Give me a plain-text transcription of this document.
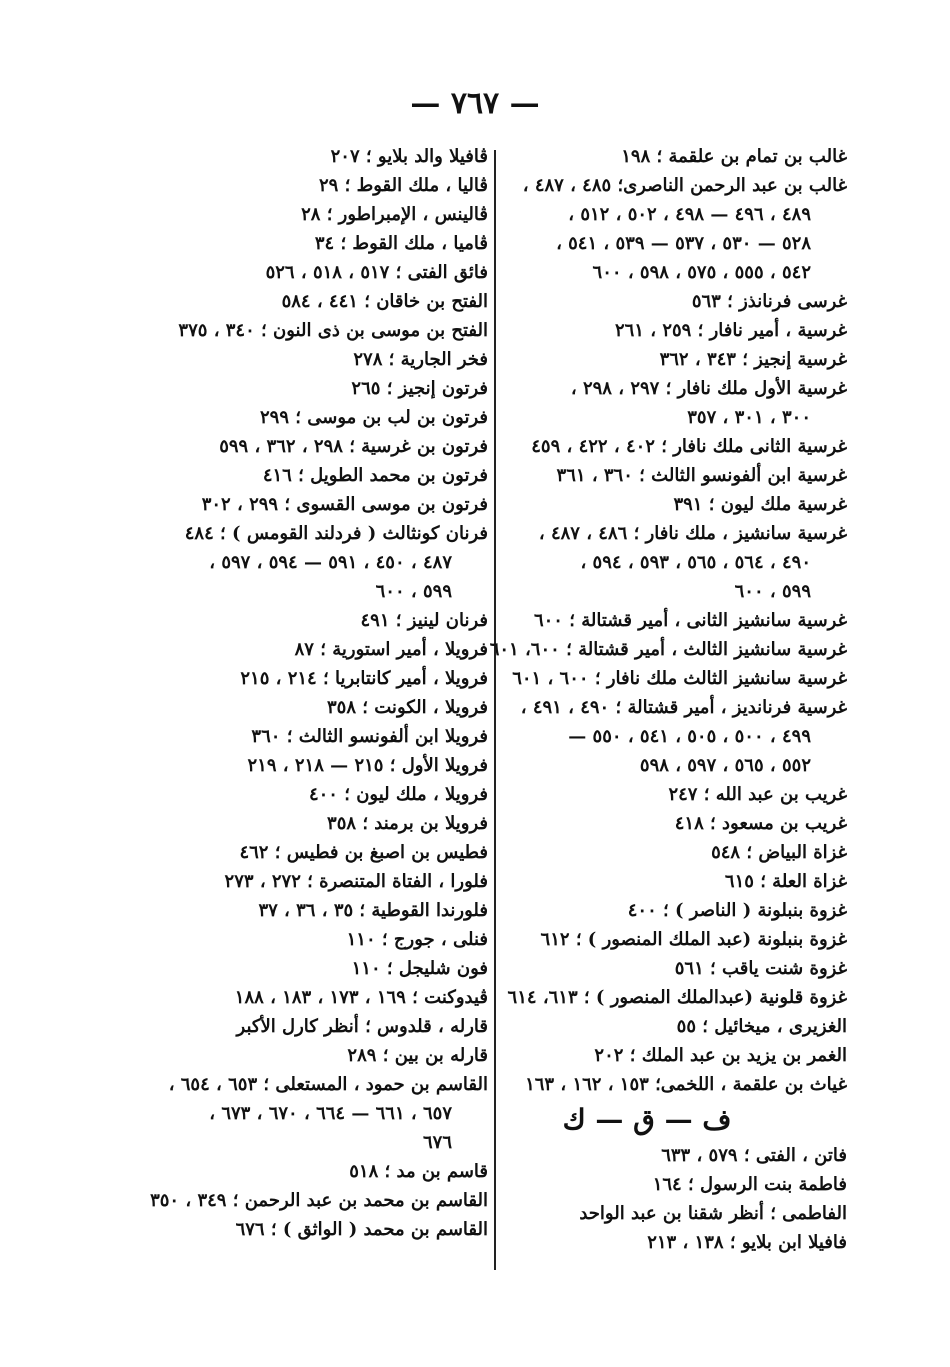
— ٧٦٧ —
غالب بن تمام بن علقمة ؛ ١٩٨
غالب بن عبد الرحمن الناصرى؛ ٤٨٥ ، ٤٨٧ ،
٤٨٩ ، ٤٩٦ — ٤٩٨ ، ٥٠٢ ، ٥١٢ ،
٥٢٨ — ٥٣٠ ، ٥٣٧ — ٥٣٩ ، ٥٤١ ،
٥٤٢ ، ٥٥٥ ، ٥٧٥ ، ٥٩٨ ، ٦٠٠
غرسى فرنانذز ؛ ٥٦٣
غرسية ، أمير نافار ؛ ٢٥٩ ، ٢٦١
غرسية إنجيز ؛ ٣٤٣ ، ٣٦٢
غرسية الأول ملك نافار ؛ ٢٩٧ ، ٢٩٨ ،
٣٠٠ ، ٣٠١ ، ٣٥٧
غرسية الثانى ملك نافار ؛ ٤٠٢ ، ٤٢٢ ، ٤٥٩
غرسية ابن ألفونسو الثالث ؛ ٣٦٠ ، ٣٦١
غرسية ملك ليون ؛ ٣٩١
غرسية سانشيز ، ملك نافار ؛ ٤٨٦ ، ٤٨٧ ،
٤٩٠ ، ٥٦٤ ، ٥٦٥ ، ٥٩٣ ، ٥٩٤ ،
٥٩٩ ، ٦٠٠
غرسية سانشيز الثانى ، أمير قشتالة ؛ ٦٠٠
غرسية سانشيز الثالث ، أمير قشتالة ؛ ٦٠٠، ٦٠١
غرسية سانشيز الثالث ملك نافار ؛ ٦٠٠ ، ٦٠١
غرسية فرنانديز ، أمير قشتالة ؛ ٤٩٠ ، ٤٩١ ،
٤٩٩ ، ٥٠٠ ، ٥٠٥ ، ٥٤١ ، ٥٥٠ —
٥٥٢ ، ٥٦٥ ، ٥٩٧ ، ٥٩٨
غريب بن عبد الله ؛ ٢٤٧
غريب بن مسعود ؛ ٤١٨
غزاة البياض ؛ ٥٤٨
غزاة العلة ؛ ٦١٥
غزوة بنبلونة ( الناصر ) ؛ ٤٠٠
غزوة بنبلونة (عبد الملك المنصور ) ؛ ٦١٢
غزوة شنت ياقب ؛ ٥٦١
غزوة قلونية (عبدالملك المنصور ) ؛ ٦١٣، ٦١٤
الغزيرى ، ميخائيل ؛ ٥٥
الغمر بن يزيد بن عبد الملك ؛ ٢٠٢
غياث بن علقمة ، اللخمى؛ ١٥٣ ، ١٦٢ ، ١٦٣
ف — ق — ك
فاتن ، الفتى ؛ ٥٧٩ ، ٦٣٣
فاطمة بنت الرسول ؛ ١٦٤
الفاطمى ؛ أنظر شقنا بن عبد الواحد
فافيلا ابن بلايو ؛ ١٣٨ ، ٢١٣
ڤافيلا والد بلايو ؛ ٢٠٧
ڤاليا ، ملك القوط ؛ ٢٩
ڤالينس ، الإمبراطور ؛ ٢٨
ڤاميا ، ملك القوط ؛ ٣٤
فائق الفتى ؛ ٥١٧ ، ٥١٨ ، ٥٢٦
الفتح بن خاقان ؛ ٤٤١ ، ٥٨٤
الفتح بن موسى بن ذى النون ؛ ٣٤٠ ، ٣٧٥
فخر الجارية ؛ ٢٧٨
فرتون إنجيز ؛ ٢٦٥
فرتون بن لب بن موسى ؛ ٢٩٩
فرتون بن غرسية ؛ ٢٩٨ ، ٣٦٢ ، ٥٩٩
فرتون بن محمد الطويل ؛ ٤١٦
فرتون بن موسى القسوى ؛ ٢٩٩ ، ٣٠٢
فرنان كونثالث ( فردلند القومس ) ؛ ٤٨٤
٤٨٧ ، ٤٥٠ ، ٥٩١ — ٥٩٤ ، ٥٩٧ ،
٥٩٩ ، ٦٠٠
فرنان لينيز ؛ ٤٩١
فرويلا ، أمير استورية ؛ ٨٧
فرويلا ، أمير كانتابريا ؛ ٢١٤ ، ٢١٥
فرويلا ، الكونت ؛ ٣٥٨
فرويلا ابن ألفونسو الثالث ؛ ٣٦٠
فرويلا الأول ؛ ٢١٥ — ٢١٨ ، ٢١٩
فرويلا ، ملك ليون ؛ ٤٠٠
فرويلا بن برمند ؛ ٣٥٨
فطيس بن اصبغ بن فطيس ؛ ٤٦٢
فلورا ، الفتاة المتنصرة ؛ ٢٧٢ ، ٢٧٣
فلورندا القوطية ؛ ٣٥ ، ٣٦ ، ٣٧
فنلى ، جورج ؛ ١١٠
فون شليجل ؛ ١١٠
ڤيدوكنت ؛ ١٦٩ ، ١٧٣ ، ١٨٣ ، ١٨٨
قارله ، قلدوس ؛ أنظر كارل الأكبر
قارله بن بين ؛ ٢٨٩
القاسم بن حمود ، المستعلى ؛ ٦٥٣ ، ٦٥٤ ،
٦٥٧ ، ٦٦١ — ٦٦٤ ، ٦٧٠ ، ٦٧٣ ،
٦٧٦
قاسم بن مد ؛ ٥١٨
القاسم بن محمد بن عبد الرحمن ؛ ٣٤٩ ، ٣٥٠
القاسم بن محمد ( الواثق ) ؛ ٦٧٦
